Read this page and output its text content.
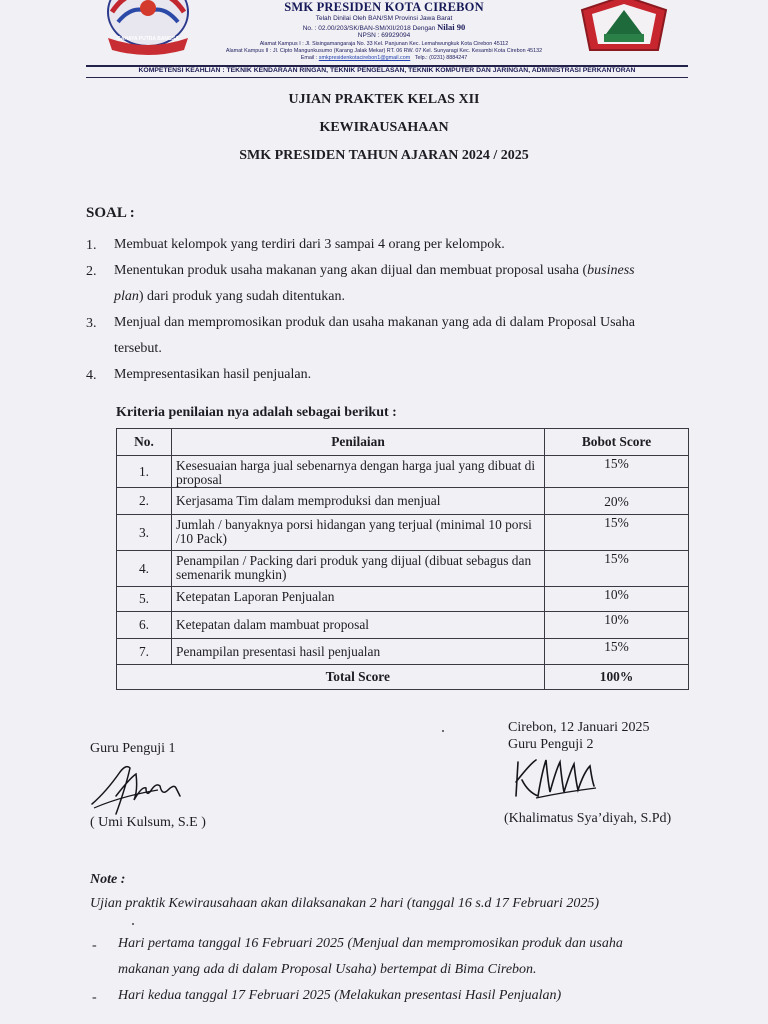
CAHAYA PUTRA BANGSA
SMK PRESIDEN KOTA CIREBON
Telah Dinilai Oleh BAN/SM Provinsi Jawa Barat
No. : 02.00/203/SK/BAN-SM/XII/2018 Dengan Nilai 90
NPSN : 69929094
Alamat Kampus I : Jl. Sisingamangaraja No. 33 Kel. Panjunan Kec. Lemahwungkuk Kota Cirebon 45112
Alamat Kampus II : Jl. Cipto Mangunkusumo (Karang Jalak Mekar) RT. 06 RW. 07 Kel. Sunyaragi Kec. Kesambi Kota Cirebon 45132
Email : smkpresidenkotacirebon1@gmail.com Telp.: (0231) 8884247
KOMPETENSI KEAHLIAN : TEKNIK KENDARAAN RINGAN, TEKNIK PENGELASAN, TEKNIK KOMPUTER DAN JARINGAN, ADMINISTRASI PERKANTORAN
UJIAN PRAKTEK KELAS XII
KEWIRAUSAHAAN
SMK PRESIDEN TAHUN AJARAN 2024 / 2025
SOAL :
1. Membuat kelompok yang terdiri dari 3 sampai 4 orang per kelompok.
2. Menentukan produk usaha makanan yang akan dijual dan membuat proposal usaha (business
plan) dari produk yang sudah ditentukan.
3. Menjual dan mempromosikan produk dan usaha makanan yang ada di dalam Proposal Usaha
tersebut.
4. Mempresentasikan hasil penjualan.
Kriteria penilaian nya adalah sebagai berikut :
No.	Penilaian	Bobot Score
1.	Kesesuaian harga jual sebenarnya dengan harga jual yang dibuat di proposal	15%
2.	Kerjasama Tim dalam memproduksi dan menjual	20%
3.	Jumlah / banyaknya porsi hidangan yang terjual (minimal 10 porsi /10 Pack)	15%
4.	Penampilan / Packing dari produk yang dijual (dibuat sebagus dan semenarik mungkin)	15%
5.	Ketepatan Laporan Penjualan	10%
6.	Ketepatan dalam mambuat proposal	10%
7.	Penampilan presentasi hasil penjualan	15%
	Total Score	100%
Cirebon, 12 Januari 2025
Guru Penguji 2
Guru Penguji 1
( Umi Kulsum, S.E )	(Khalimatus Sya’diyah, S.Pd)
Note :
Ujian praktik Kewirausahaan akan dilaksanakan 2 hari (tanggal 16 s.d 17 Februari 2025)
- Hari pertama tanggal 16 Februari 2025 (Menjual dan mempromosikan produk dan usaha
makanan yang ada di dalam Proposal Usaha) bertempat di Bima Cirebon.
- Hari kedua tanggal 17 Februari 2025 (Melakukan presentasi Hasil Penjualan)
